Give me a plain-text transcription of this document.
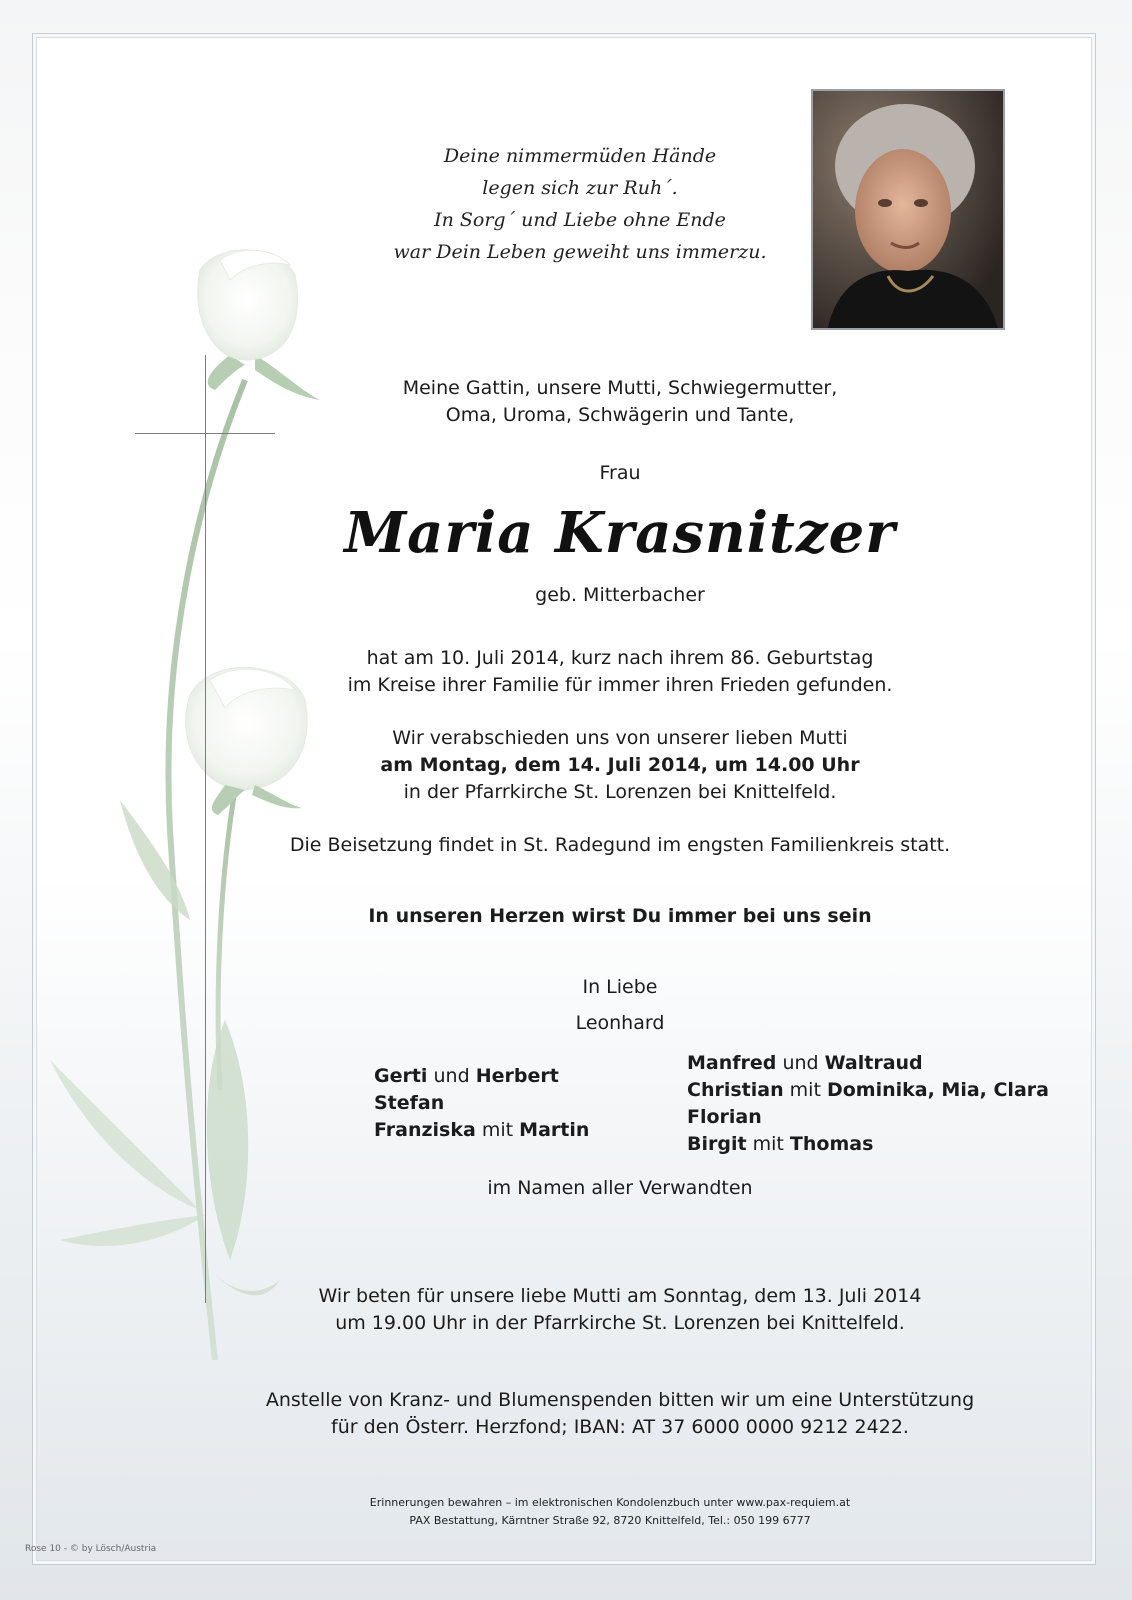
Deine nimmermüden Hände
legen sich zur Ruh´.
In Sorg´ und Liebe ohne Ende
war Dein Leben geweiht uns immerzu.
Meine Gattin, unsere Mutti, Schwiegermutter,
Oma, Uroma, Schwägerin und Tante,
Frau
Maria Krasnitzer
geb. Mitterbacher
hat am 10. Juli 2014, kurz nach ihrem 86. Geburtstag
im Kreise ihrer Familie für immer ihren Frieden gefunden.
Wir verabschieden uns von unserer lieben Mutti
am Montag, dem 14. Juli 2014, um 14.00 Uhr
in der Pfarrkirche St. Lorenzen bei Knittelfeld.
Die Beisetzung findet in St. Radegund im engsten Familienkreis statt.
In unseren Herzen wirst Du immer bei uns sein
In Liebe
Leonhard
Gerti und Herbert
Stefan
Franziska mit Martin
Manfred und Waltraud
Christian mit Dominika, Mia, Clara
Florian
Birgit mit Thomas
im Namen aller Verwandten
Wir beten für unsere liebe Mutti am Sonntag, dem 13. Juli 2014
um 19.00 Uhr in der Pfarrkirche St. Lorenzen bei Knittelfeld.
Anstelle von Kranz- und Blumenspenden bitten wir um eine Unterstützung
für den Österr. Herzfond; IBAN: AT 37 6000 0000 9212 2422.
Erinnerungen bewahren – im elektronischen Kondolenzbuch unter www.pax-requiem.at
PAX Bestattung, Kärntner Straße 92, 8720 Knittelfeld, Tel.: 050 199 6777
Rose 10 - © by Lösch/Austria
